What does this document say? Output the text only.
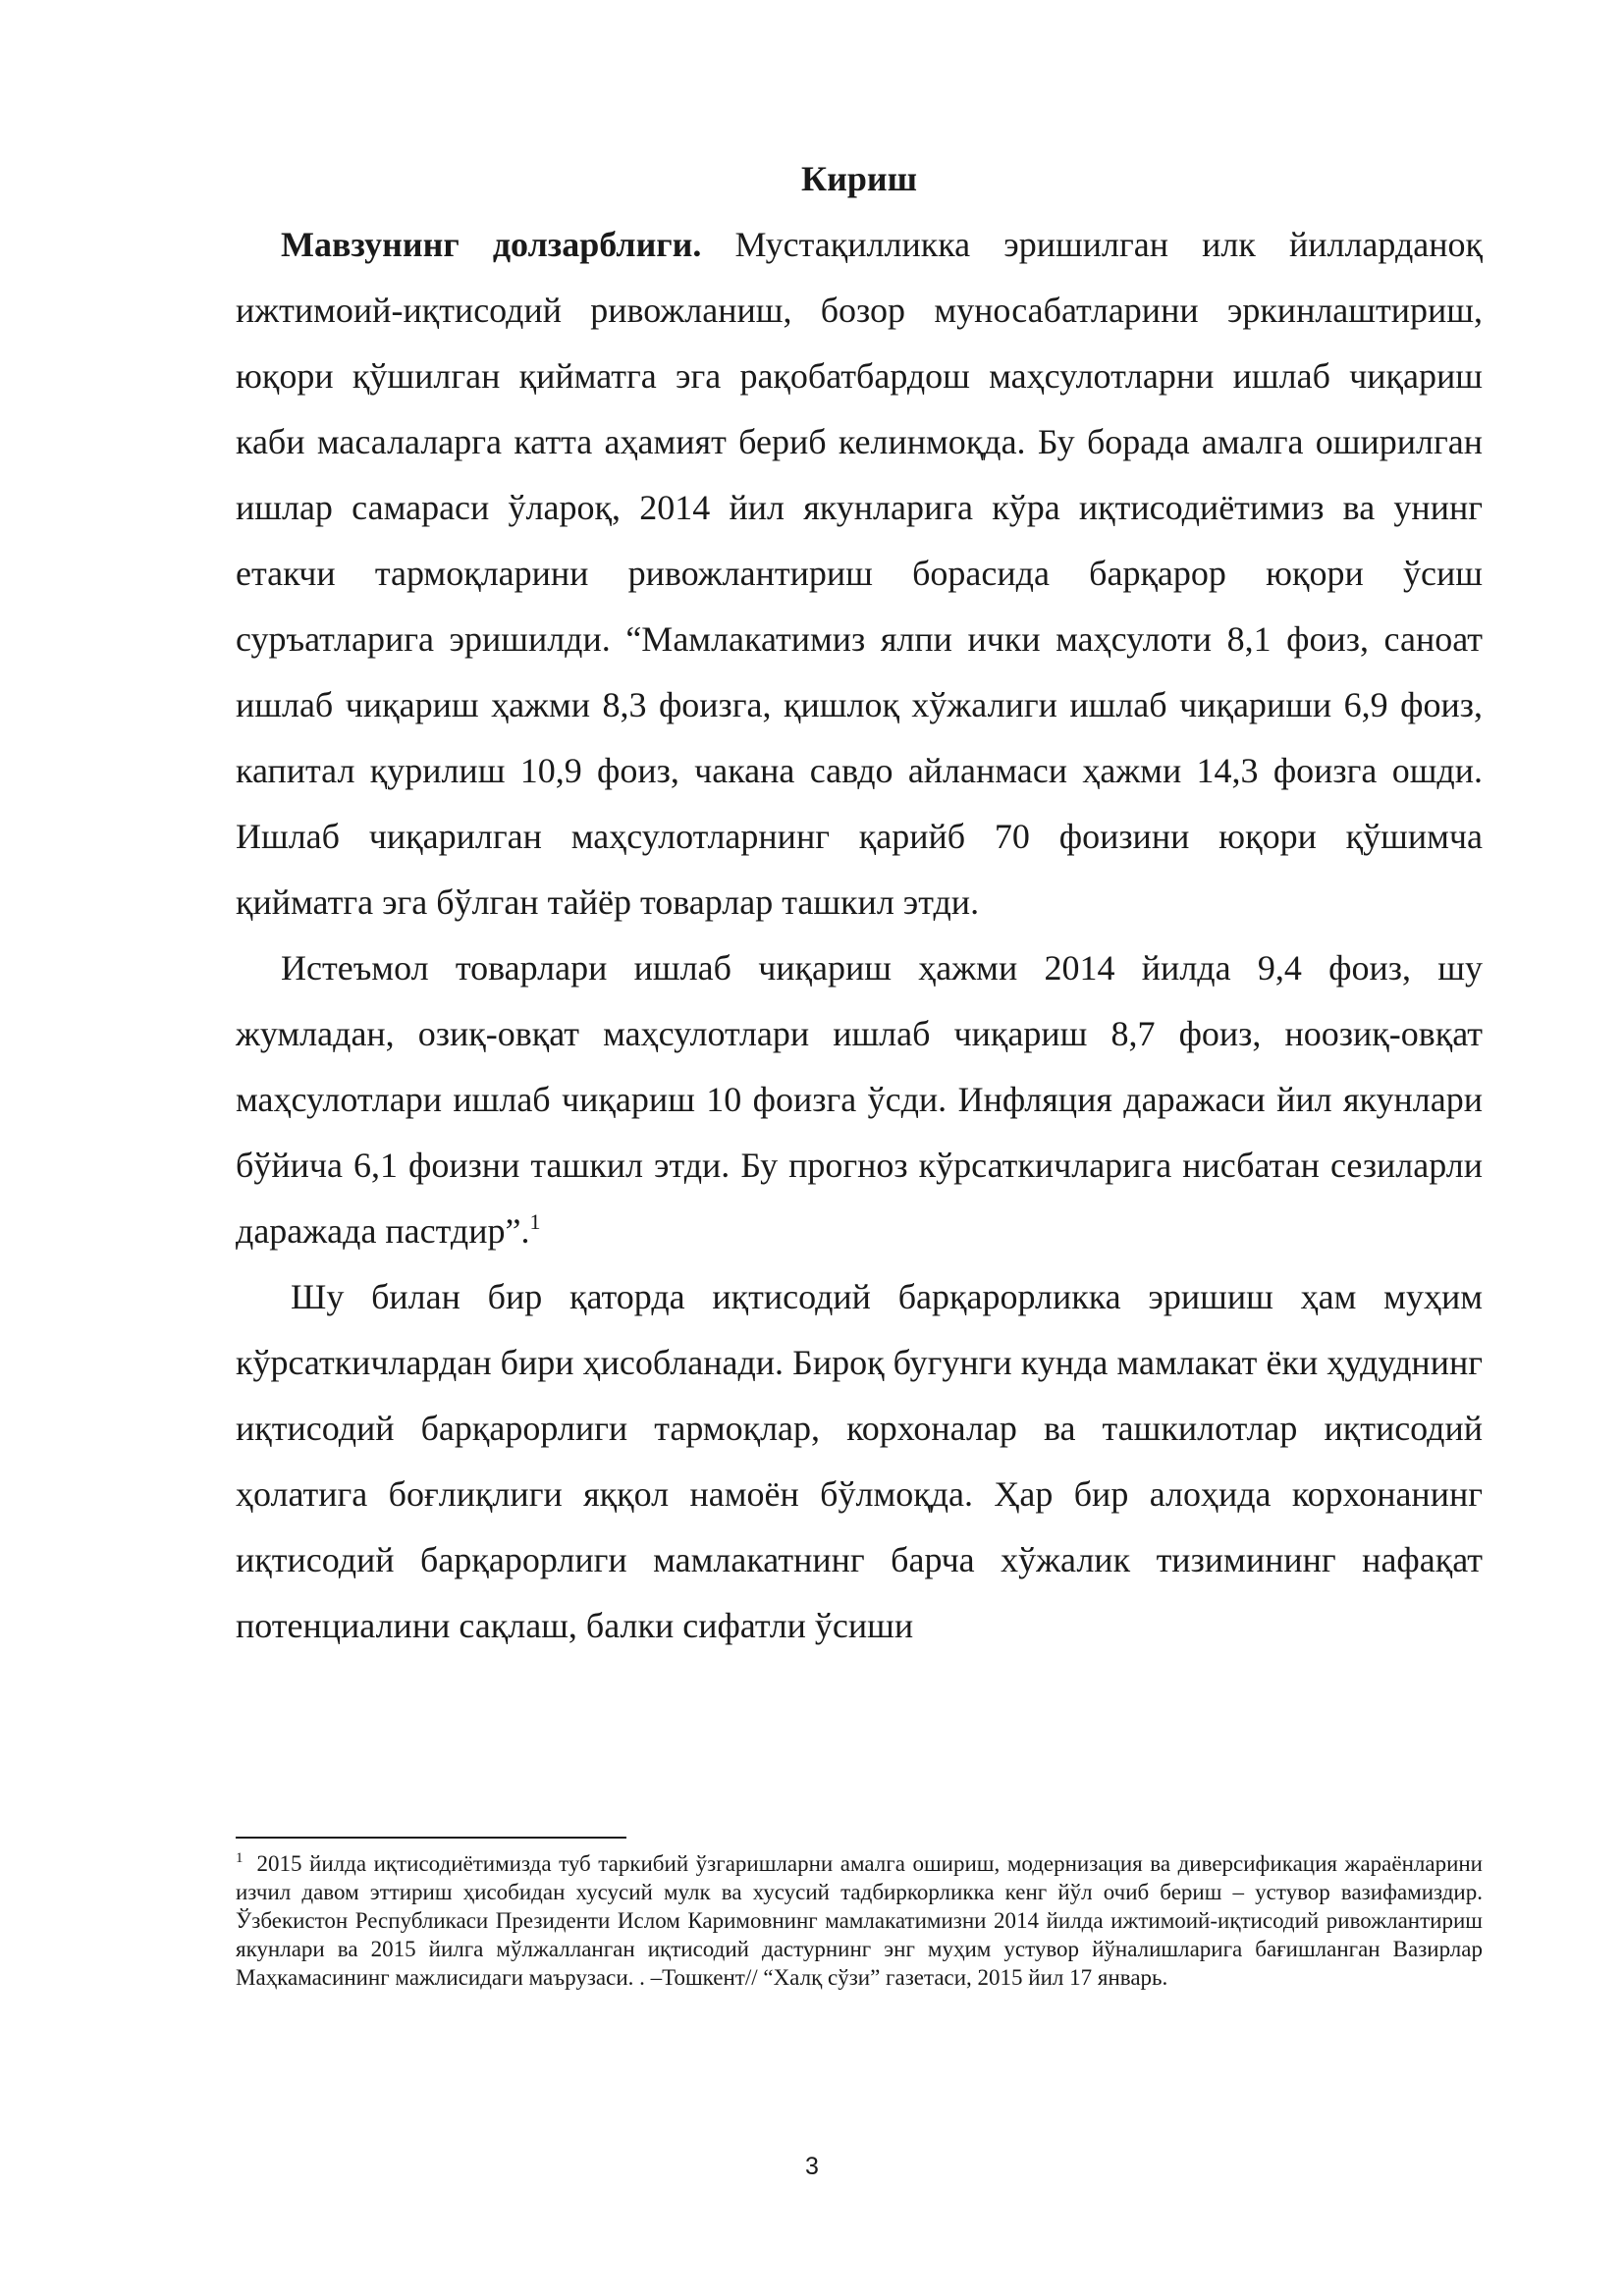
Кириш

Мавзунинг долзарблиги. Мустақилликка эришилган илк йилларданоқ ижтимоий-иқтисодий ривожланиш, бозор муносабатларини эркинлаштириш, юқори қўшилган қийматга эга рақобатбардош маҳсулотларни ишлаб чиқариш каби масалаларга катта аҳамият бериб келинмоқда. Бу борада амалга оширилган ишлар самараси ўлароқ, 2014 йил якунларига кўра иқтисодиётимиз ва унинг етакчи тармоқларини ривожлантириш борасида барқарор юқори ўсиш суръатларига эришилди. “Мамлакатимиз ялпи ички маҳсулоти 8,1 фоиз, саноат ишлаб чиқариш ҳажми 8,3 фоизга, қишлоқ хўжалиги ишлаб чиқариши 6,9 фоиз, капитал қурилиш 10,9 фоиз, чакана савдо айланмаси ҳажми 14,3 фоизга ошди. Ишлаб чиқарилган маҳсулотларнинг қарийб 70 фоизини юқори қўшимча қийматга эга бўлган тайёр товарлар ташкил этди.

Истеъмол товарлари ишлаб чиқариш ҳажми 2014 йилда 9,4 фоиз, шу жумладан, озиқ-овқат маҳсулотлари ишлаб чиқариш 8,7 фоиз, ноозиқ-овқат маҳсулотлари ишлаб чиқариш 10 фоизга ўсди. Инфляция даражаси йил якунлари бўйича 6,1 фоизни ташкил этди. Бу прогноз кўрсаткичларига нисбатан сезиларли даражада пастдир”.$^1$

Шу билан бир қаторда иқтисодий барқарорликка эришиш ҳам муҳим кўрсаткичлардан бири ҳисобланади. Бироқ бугунги кунда мамлакат ёки ҳудуднинг иқтисодий барқарорлиги тармоқлар, корхоналар ва ташкилотлар иқтисодий ҳолатига боғлиқлиги яққол намоён бўлмоқда. Ҳар бир алоҳида корхонанинг иқтисодий барқарорлиги мамлакатнинг барча хўжалик тизимининг нафақат потенциалини сақлаш, балки сифатли ўсиши

$^1$ 2015 йилда иқтисодиётимизда туб таркибий ўзгаришларни амалга ошириш, модернизация ва диверсификация жараёнларини изчил давом эттириш ҳисобидан хусусий мулк ва хусусий тадбиркорликка кенг йўл очиб бериш – устувор вазифамиздир. Ўзбекистон Республикаси Президенти Ислом Каримовнинг мамлакатимизни 2014 йилда ижтимоий-иқтисодий ривожлантириш якунлари ва 2015 йилга мўлжалланган иқтисодий дастурнинг энг муҳим устувор йўналишларига бағишланган Вазирлар Маҳкамасининг мажлисидаги маърузаси. . –Тошкент// “Халқ сўзи” газетаси, 2015 йил 17 январь.
3
